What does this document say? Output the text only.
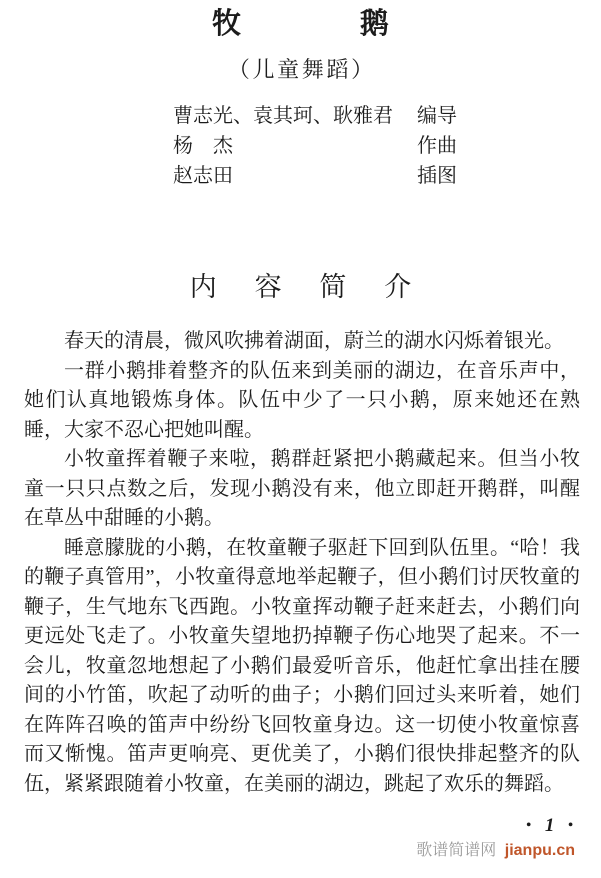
牧鹅
（儿童舞蹈）
曹志光、袁其珂、耿雅君 编导
杨　杰	作曲
赵志田	插图
内容简介

春天的清晨，微风吹拂着湖面，蔚兰的湖水闪烁着银光。

一群小鹅排着整齐的队伍来到美丽的湖边，在音乐声中，她们认真地锻炼身体。队伍中少了一只小鹅，原来她还在熟睡，大家不忍心把她叫醒。

小牧童挥着鞭子来啦，鹅群赶紧把小鹅藏起来。但当小牧童一只只点数之后，发现小鹅没有来，他立即赶开鹅群，叫醒在草丛中甜睡的小鹅。

睡意朦胧的小鹅，在牧童鞭子驱赶下回到队伍里。“哈！我的鞭子真管用”，小牧童得意地举起鞭子，但小鹅们讨厌牧童的鞭子，生气地东飞西跑。小牧童挥动鞭子赶来赶去，小鹅们向更远处飞走了。小牧童失望地扔掉鞭子伤心地哭了起来。不一会儿，牧童忽地想起了小鹅们最爱听音乐，他赶忙拿出挂在腰间的小竹笛，吹起了动听的曲子；小鹅们回过头来听着，她们在阵阵召唤的笛声中纷纷飞回牧童身边。这一切使小牧童惊喜而又惭愧。笛声更响亮、更优美了，小鹅们很快排起整齐的队伍，紧紧跟随着小牧童，在美丽的湖边，跳起了欢乐的舞蹈。

• 1 •
歌谱简谱网 jianpu.cn
